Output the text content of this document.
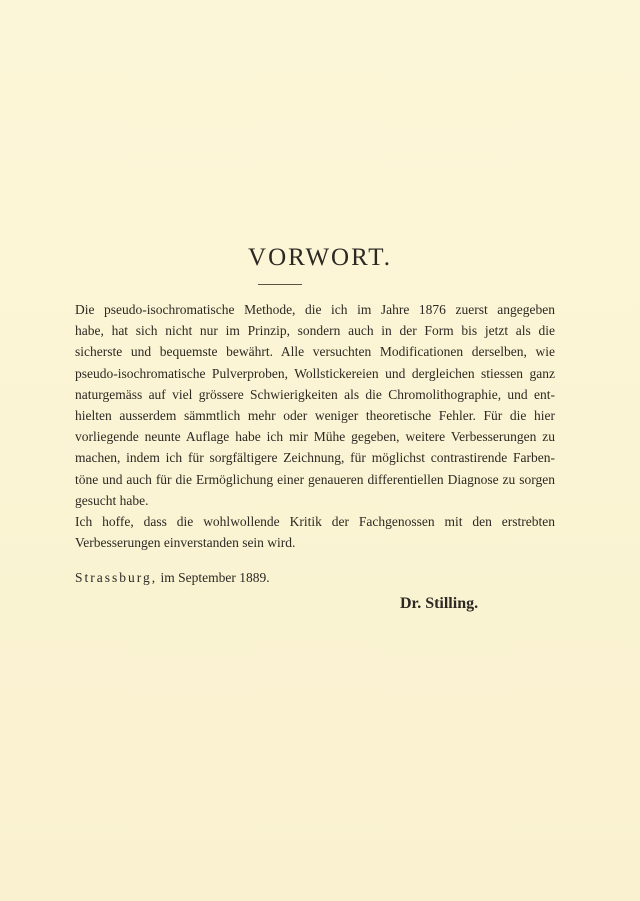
VORWORT.
Die pseudo-isochromatische Methode, die ich im Jahre 1876 zuerst angegeben
habe, hat sich nicht nur im Prinzip, sondern auch in der Form bis jetzt als die
sicherste und bequemste bewährt. Alle versuchten Modificationen derselben, wie
pseudo-isochromatische Pulverproben, Wollstickereien und dergleichen stiessen ganz
naturgemäss auf viel grössere Schwierigkeiten als die Chromolithographie, und ent-
hielten ausserdem sämmtlich mehr oder weniger theoretische Fehler. Für die hier
vorliegende neunte Auflage habe ich mir Mühe gegeben, weitere Verbesserungen zu
machen, indem ich für sorgfältigere Zeichnung, für möglichst contrastirende Farben-
töne und auch für die Ermöglichung einer genaueren differentiellen Diagnose zu sorgen
gesucht habe.
Ich hoffe, dass die wohlwollende Kritik der Fachgenossen mit den erstrebten
Verbesserungen einverstanden sein wird.

Strassburg, im September 1889.

Dr. Stilling.
